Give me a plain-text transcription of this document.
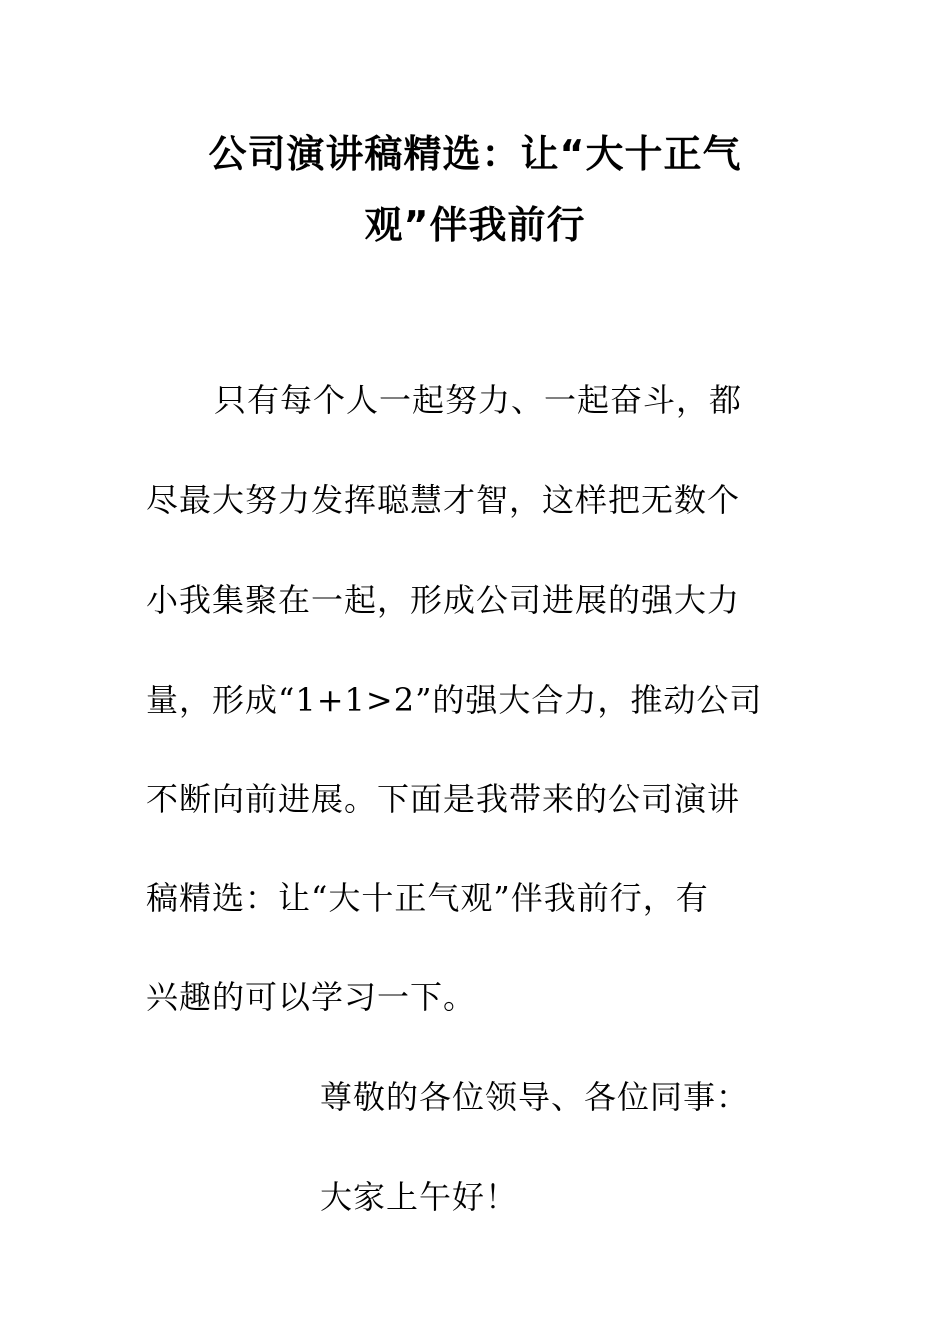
公司演讲稿精选：让“大十正气
观”伴我前行
只有每个人一起努力、一起奋斗，都
尽最大努力发挥聪慧才智，这样把无数个
小我集聚在一起，形成公司进展的强大力
量，形成“1+1>2”的强大合力，推动公司
不断向前进展。下面是我带来的公司演讲
稿精选：让“大十正气观”伴我前行，有
兴趣的可以学习一下。
尊敬的各位领导、各位同事：
大家上午好！
